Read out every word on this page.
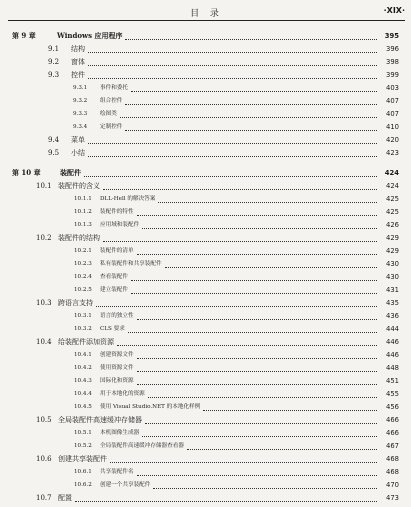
目 录	·XIX·
第 9 章	Windows 应用程序	395
9.1 结构	396
9.2 窗体	398
9.3 控件	399
9.3.1 事件和委托	403
9.3.2 组合控件	407
9.3.3 绘图类	407
9.3.4 定制控件	410
9.4 菜单	420
9.5 小结	423
第 10 章	装配件	424
10.1 装配件的含义	424
10.1.1 DLL-Hell 的解决答案	425
10.1.2 装配件的特性	425
10.1.3 应用域和装配件	426
10.2 装配件的结构	429
10.2.1 装配件的清单	429
10.2.3 私有装配件和共享装配件	430
10.2.4 查看装配件	430
10.2.5 建立装配件	431
10.3 跨语言支持	435
10.3.1 语言的独立性	436
10.3.2 CLS 要求	444
10.4 给装配件添加资源	446
10.4.1 创建资源文件	446
10.4.2 使用资源文件	448
10.4.3 国际化和资源	451
10.4.4 用于本地化的资源	455
10.4.5 使用 Visual Studio.NET 的本地化样例	456
10.5 全局装配件高速缓冲存储器	466
10.5.1 本机图像生成器	466
10.5.2 全局装配件高速缓冲存储器查看器	467
10.6 创建共享装配件	468
10.6.1 共享装配件名	468
10.6.2 创建一个共享装配件	470
10.7 配置	473
